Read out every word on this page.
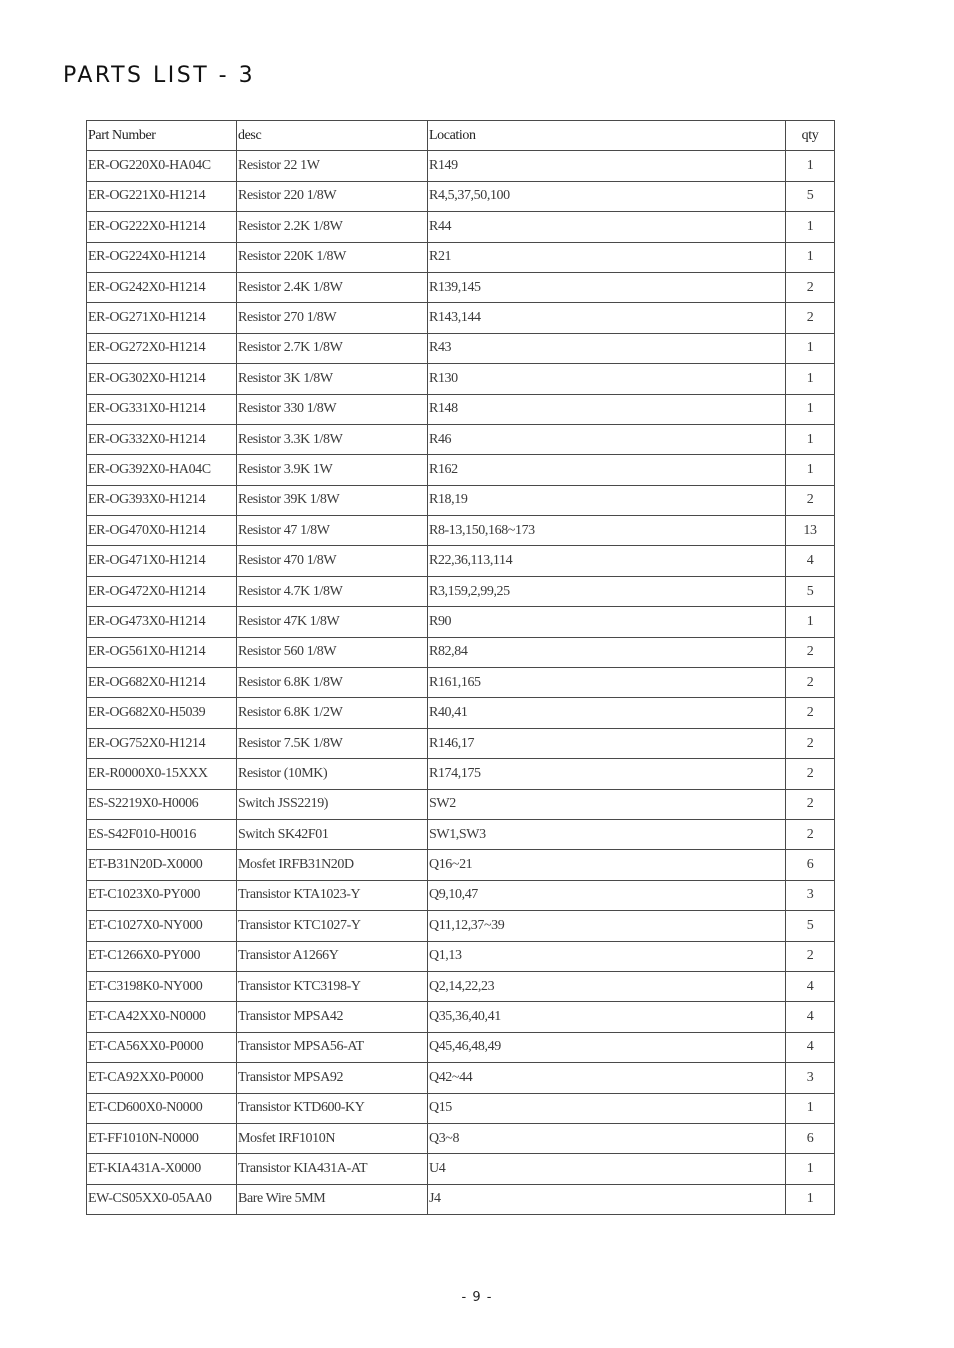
PARTS LIST - 3
Part Number	desc	Location	qty
ER-OG220X0-HA04C	Resistor 22 1W	R149	1
ER-OG221X0-H1214	Resistor 220 1/8W	R4,5,37,50,100	5
ER-OG222X0-H1214	Resistor 2.2K 1/8W	R44	1
ER-OG224X0-H1214	Resistor 220K 1/8W	R21	1
ER-OG242X0-H1214	Resistor 2.4K 1/8W	R139,145	2
ER-OG271X0-H1214	Resistor 270 1/8W	R143,144	2
ER-OG272X0-H1214	Resistor 2.7K 1/8W	R43	1
ER-OG302X0-H1214	Resistor 3K 1/8W	R130	1
ER-OG331X0-H1214	Resistor 330 1/8W	R148	1
ER-OG332X0-H1214	Resistor 3.3K 1/8W	R46	1
ER-OG392X0-HA04C	Resistor 3.9K 1W	R162	1
ER-OG393X0-H1214	Resistor 39K 1/8W	R18,19	2
ER-OG470X0-H1214	Resistor 47 1/8W	R8-13,150,168~173	13
ER-OG471X0-H1214	Resistor 470 1/8W	R22,36,113,114	4
ER-OG472X0-H1214	Resistor 4.7K 1/8W	R3,159,2,99,25	5
ER-OG473X0-H1214	Resistor 47K 1/8W	R90	1
ER-OG561X0-H1214	Resistor 560 1/8W	R82,84	2
ER-OG682X0-H1214	Resistor 6.8K 1/8W	R161,165	2
ER-OG682X0-H5039	Resistor 6.8K 1/2W	R40,41	2
ER-OG752X0-H1214	Resistor 7.5K 1/8W	R146,17	2
ER-R0000X0-15XXX	Resistor (10MK)	R174,175	2
ES-S2219X0-H0006	Switch JSS2219)	SW2	2
ES-S42F010-H0016	Switch SK42F01	SW1,SW3	2
ET-B31N20D-X0000	Mosfet IRFB31N20D	Q16~21	6
ET-C1023X0-PY000	Transistor KTA1023-Y	Q9,10,47	3
ET-C1027X0-NY000	Transistor KTC1027-Y	Q11,12,37~39	5
ET-C1266X0-PY000	Transistor A1266Y	Q1,13	2
ET-C3198K0-NY000	Transistor KTC3198-Y	Q2,14,22,23	4
ET-CA42XX0-N0000	Transistor MPSA42	Q35,36,40,41	4
ET-CA56XX0-P0000	Transistor MPSA56-AT	Q45,46,48,49	4
ET-CA92XX0-P0000	Transistor MPSA92	Q42~44	3
ET-CD600X0-N0000	Transistor KTD600-KY	Q15	1
ET-FF1010N-N0000	Mosfet IRF1010N	Q3~8	6
ET-KIA431A-X0000	Transistor KIA431A-AT	U4	1
EW-CS05XX0-05AA0	Bare Wire 5MM	J4	1
- 9 -
